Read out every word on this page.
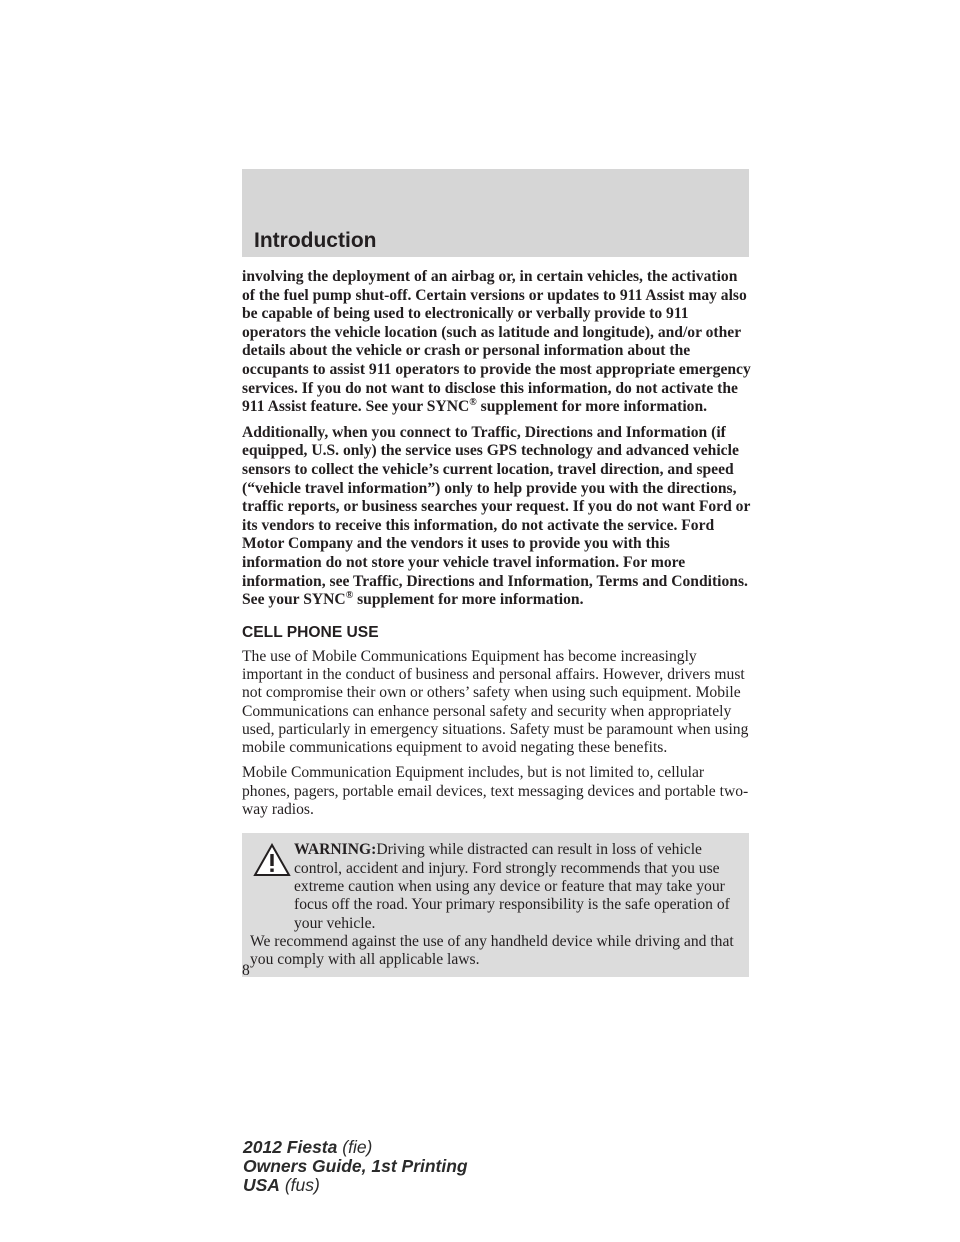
Introduction

involving the deployment of an airbag or, in certain vehicles, the activation of the fuel pump shut-off. Certain versions or updates to 911 Assist may also be capable of being used to electronically or verbally provide to 911 operators the vehicle location (such as latitude and longitude), and/or other details about the vehicle or crash or personal information about the occupants to assist 911 operators to provide the most appropriate emergency services. If you do not want to disclose this information, do not activate the 911 Assist feature. See your SYNC® supplement for more information.

Additionally, when you connect to Traffic, Directions and Information (if equipped, U.S. only) the service uses GPS technology and advanced vehicle sensors to collect the vehicle’s current location, travel direction, and speed (“vehicle travel information”) only to help provide you with the directions, traffic reports, or business searches your request. If you do not want Ford or its vendors to receive this information, do not activate the service. Ford Motor Company and the vendors it uses to provide you with this information do not store your vehicle travel information. For more information, see Traffic, Directions and Information, Terms and Conditions. See your SYNC® supplement for more information.

CELL PHONE USE

The use of Mobile Communications Equipment has become increasingly important in the conduct of business and personal affairs. However, drivers must not compromise their own or others’ safety when using such equipment. Mobile Communications can enhance personal safety and security when appropriately used, particularly in emergency situations. Safety must be paramount when using mobile communications equipment to avoid negating these benefits.

Mobile Communication Equipment includes, but is not limited to, cellular phones, pagers, portable email devices, text messaging devices and portable two-way radios.

WARNING:Driving while distracted can result in loss of vehicle control, accident and injury. Ford strongly recommends that you use extreme caution when using any device or feature that may take your focus off the road. Your primary responsibility is the safe operation of your vehicle.
We recommend against the use of any handheld device while driving and that you comply with all applicable laws.
8
2012 Fiesta (fie)
Owners Guide, 1st Printing
USA (fus)
